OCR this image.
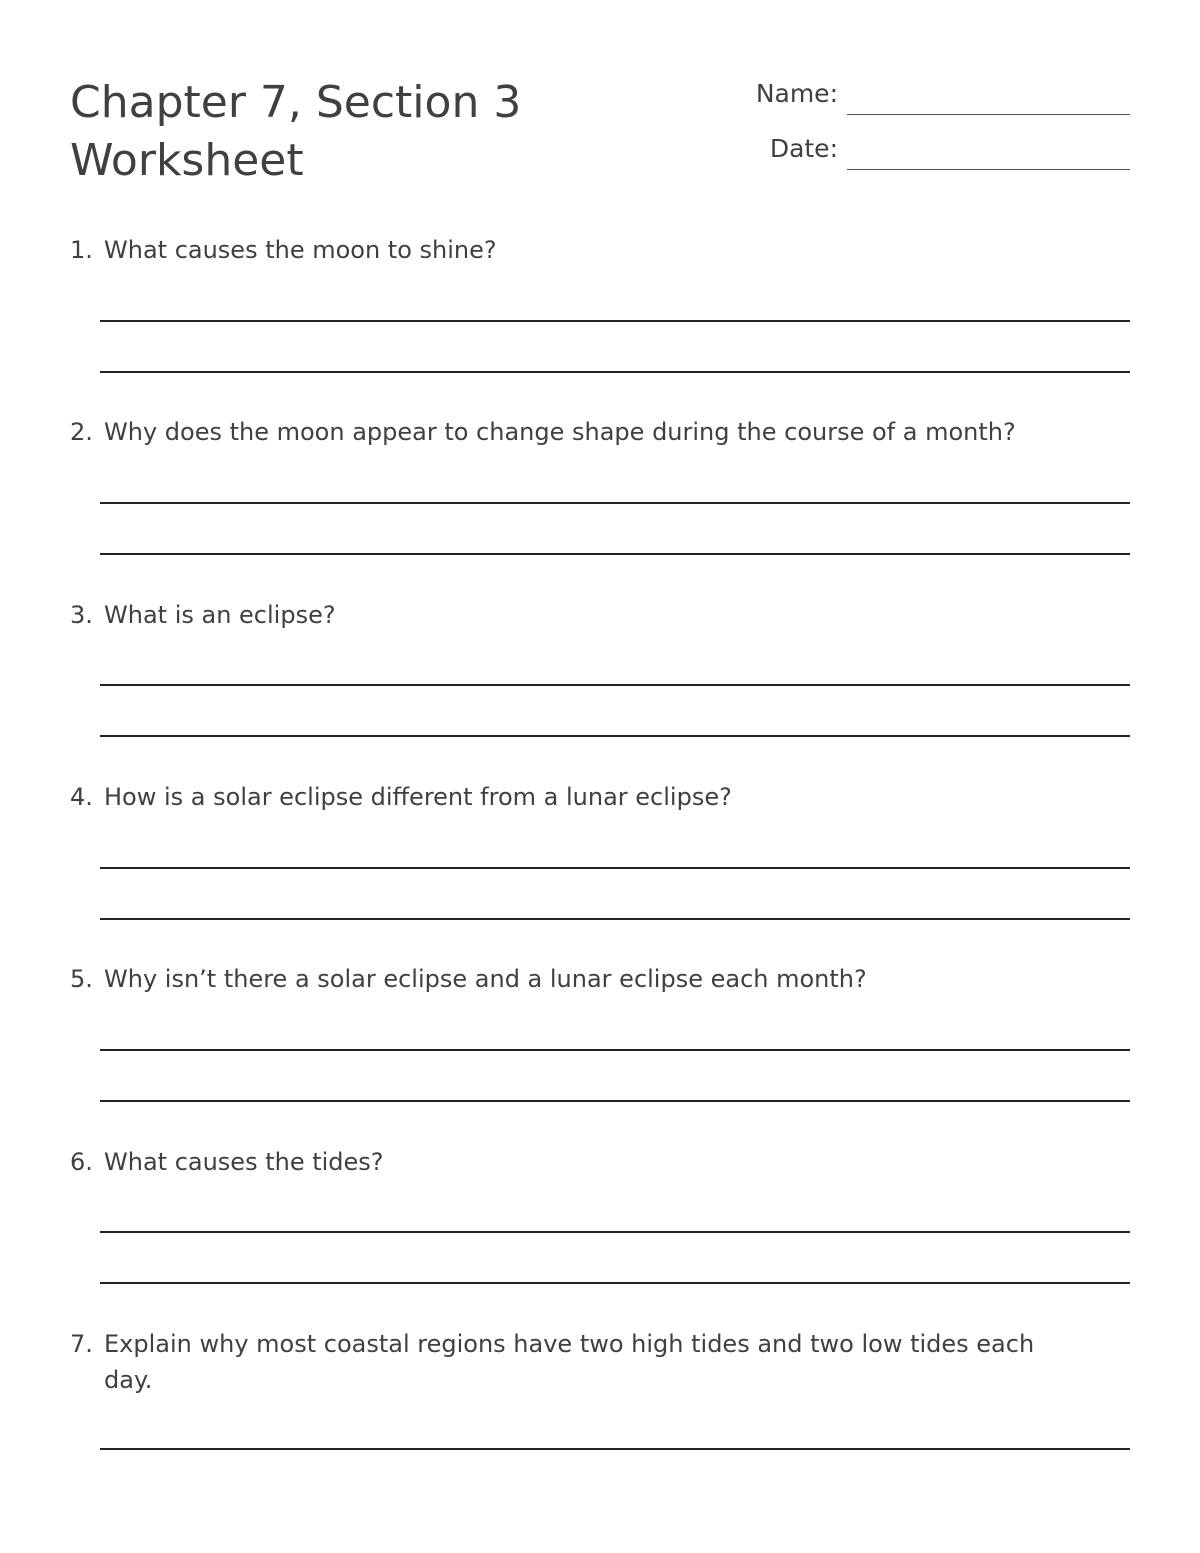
Chapter 7, Section 3
Worksheet
Name:
Date:
1. What causes the moon to shine?
2. Why does the moon appear to change shape during the course of a month?
3. What is an eclipse?
4. How is a solar eclipse different from a lunar eclipse?
5. Why isn’t there a solar eclipse and a lunar eclipse each month?
6. What causes the tides?
7. Explain why most coastal regions have two high tides and two low tides each day.
